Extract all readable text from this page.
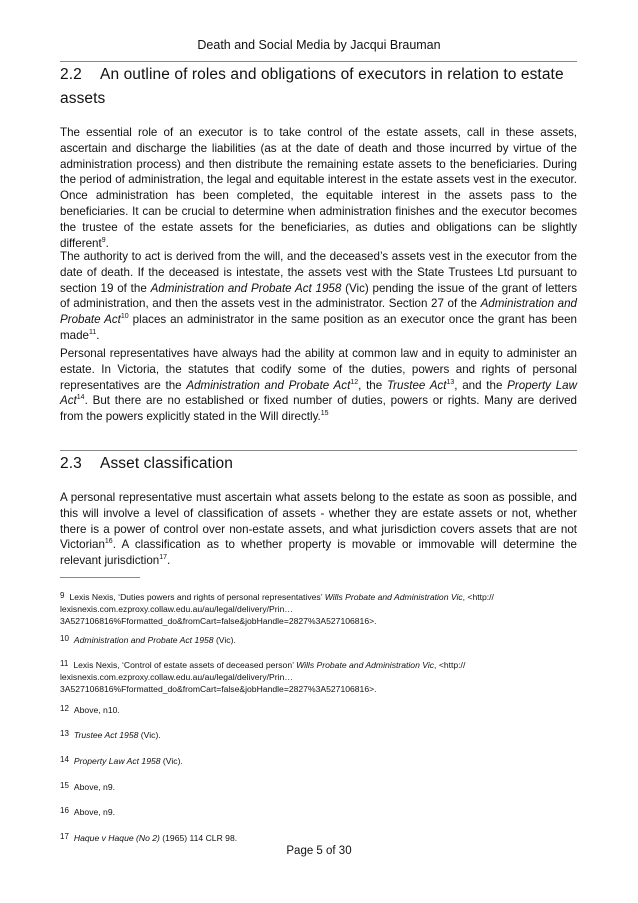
Death and Social Media by Jacqui Brauman
2.2 An outline of roles and obligations of executors in relation to estate assets

The essential role of an executor is to take control of the estate assets, call in these assets, ascertain and discharge the liabilities (as at the date of death and those incurred by virtue of the administration process) and then distribute the remaining estate assets to the beneficiaries. During the period of administration, the legal and equitable interest in the estate assets vest in the executor. Once administration has been completed, the equitable interest in the assets pass to the beneficiaries. It can be crucial to determine when administration finishes and the executor becomes the trustee of the estate assets for the beneficiaries, as duties and obligations can be slightly different$^9$.

The authority to act is derived from the will, and the deceased’s assets vest in the executor from the date of death. If the deceased is intestate, the assets vest with the State Trustees Ltd pursuant to section 19 of the Administration and Probate Act 1958 (Vic) pending the issue of the grant of letters of administration, and then the assets vest in the administrator. Section 27 of the Administration and Probate Act$^{10}$ places an administrator in the same position as an executor once the grant has been made$^{11}$.

Personal representatives have always had the ability at common law and in equity to administer an estate. In Victoria, the statutes that codify some of the duties, powers and rights of personal representatives are the Administration and Probate Act$^{12}$, the Trustee Act$^{13}$, and the Property Law Act$^{14}$. But there are no established or fixed number of duties, powers or rights. Many are derived from the powers explicitly stated in the Will directly.$^{15}$

2.3 Asset classification

A personal representative must ascertain what assets belong to the estate as soon as possible, and this will involve a level of classification of assets - whether they are estate assets or not, whether there is a power of control over non-estate assets, and what jurisdiction covers assets that are not Victorian$^{16}$. A classification as to whether property is movable or immovable will determine the relevant jurisdiction$^{17}$.

9 Lexis Nexis, ‘Duties powers and rights of personal representatives’ Wills Probate and Administration Vic, <http://
lexisnexis.com.ezproxy.collaw.edu.au/au/legal/delivery/Prin…
3A527106816%Fformatted_do&fromCart=false&jobHandle=2827%3A527106816>.

10 Administration and Probate Act 1958 (Vic).

11 Lexis Nexis, ‘Control of estate assets of deceased person’ Wills Probate and Administration Vic, <http://
lexisnexis.com.ezproxy.collaw.edu.au/au/legal/delivery/Prin…
3A527106816%Fformatted_do&fromCart=false&jobHandle=2827%3A527106816>.

12 Above, n10.

13 Trustee Act 1958 (Vic).

14 Property Law Act 1958 (Vic).

15 Above, n9.

16 Above, n9.

17 Haque v Haque (No 2) (1965) 114 CLR 98.

Page 5 of 30
